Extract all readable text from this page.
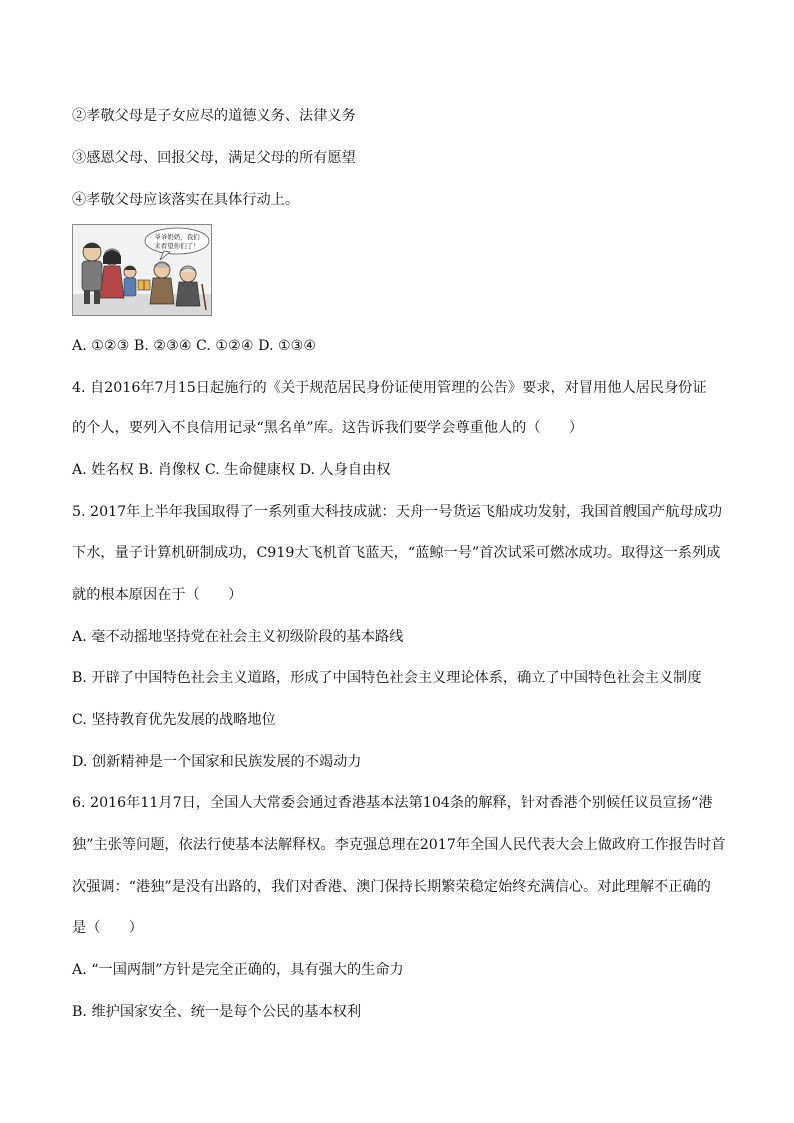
②孝敬父母是子女应尽的道德义务、法律义务
③感恩父母、回报父母，满足父母的所有愿望
④孝敬父母应该落实在具体行动上。
爷爷奶奶，我们
来看望你们了！
A. ①②③ B. ②③④ C. ①②④ D. ①③④
4. 自2016年7月15日起施行的《关于规范居民身份证使用管理的公告》要求，对冒用他人居民身份证
的个人，要列入不良信用记录“黑名单”库。这告诉我们要学会尊重他人的（　　）
A. 姓名权 B. 肖像权 C. 生命健康权 D. 人身自由权
5. 2017年上半年我国取得了一系列重大科技成就：天舟一号货运飞船成功发射，我国首艘国产航母成功
下水，量子计算机研制成功，C919大飞机首飞蓝天，“蓝鲸一号”首次试采可燃冰成功。取得这一系列成
就的根本原因在于（　　）
A. 毫不动摇地坚持党在社会主义初级阶段的基本路线
B. 开辟了中国特色社会主义道路，形成了中国特色社会主义理论体系，确立了中国特色社会主义制度
C. 坚持教育优先发展的战略地位
D. 创新精神是一个国家和民族发展的不竭动力
6. 2016年11月7日，全国人大常委会通过香港基本法第104条的解释，针对香港个别候任议员宣扬“港
独”主张等问题，依法行使基本法解释权。李克强总理在2017年全国人民代表大会上做政府工作报告时首
次强调：“港独”是没有出路的，我们对香港、澳门保持长期繁荣稳定始终充满信心。对此理解不正确的
是（　　）
A. “一国两制”方针是完全正确的，具有强大的生命力
B. 维护国家安全、统一是每个公民的基本权利
